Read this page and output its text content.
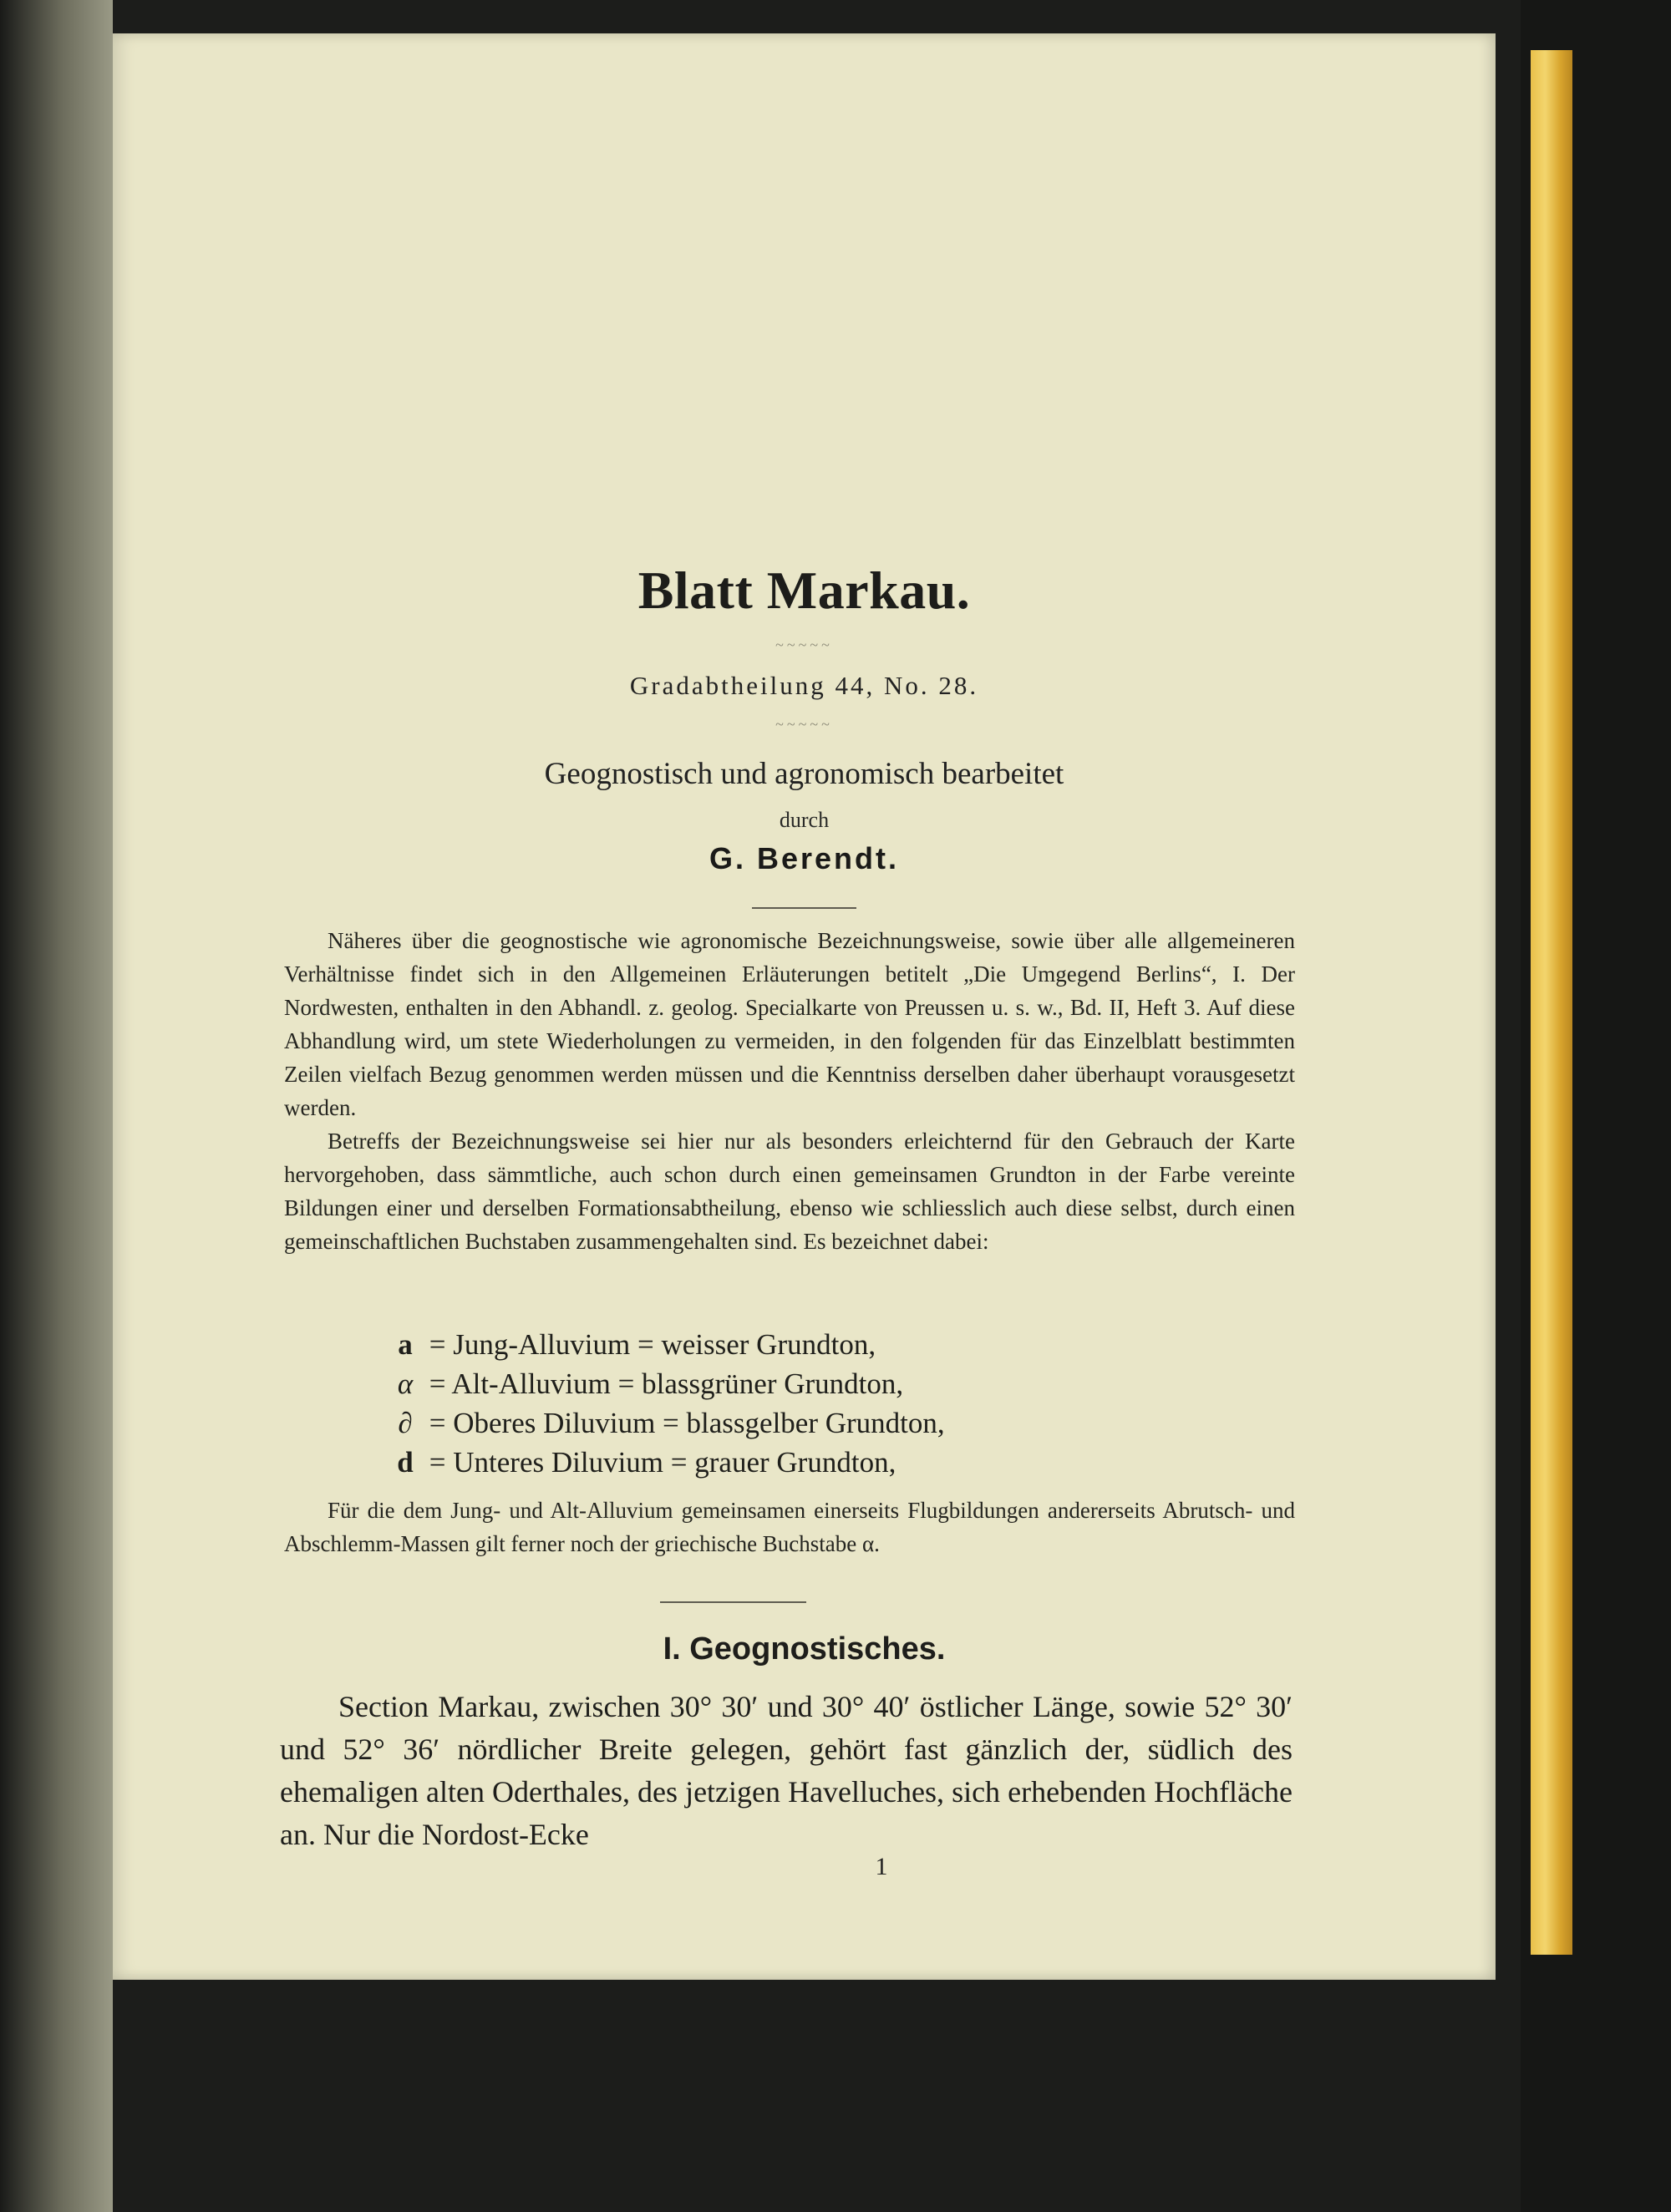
Blatt Markau.
~~~~~
Gradabtheilung 44, No. 28.
~~~~~
Geognostisch und agronomisch bearbeitet
durch
G. Berendt.

Näheres über die geognostische wie agronomische Bezeichnungsweise, sowie über alle allgemeineren Verhältnisse findet sich in den Allgemeinen Erläuterungen betitelt „Die Umgegend Berlins“, I. Der Nordwesten, enthalten in den Abhandl. z. geolog. Specialkarte von Preussen u. s. w., Bd. II, Heft 3. Auf diese Abhandlung wird, um stete Wiederholungen zu vermeiden, in den folgenden für das Einzelblatt bestimmten Zeilen vielfach Bezug genommen werden müssen und die Kenntniss derselben daher überhaupt vorausgesetzt werden.

Betreffs der Bezeichnungsweise sei hier nur als besonders erleichternd für den Gebrauch der Karte hervorgehoben, dass sämmtliche, auch schon durch einen gemeinsamen Grundton in der Farbe vereinte Bildungen einer und derselben Formationsabtheilung, ebenso wie schliesslich auch diese selbst, durch einen gemeinschaftlichen Buchstaben zusammengehalten sind. Es bezeichnet dabei:

a = Jung-Alluvium = weisser Grundton,
α = Alt-Alluvium = blassgrüner Grundton,
∂ = Oberes Diluvium = blassgelber Grundton,
d = Unteres Diluvium = grauer Grundton,

Für die dem Jung- und Alt-Alluvium gemeinsamen einerseits Flugbildungen andererseits Abrutsch- und Abschlemm-Massen gilt ferner noch der griechische Buchstabe α.

I. Geognostisches.

Section Markau, zwischen 30° 30′ und 30° 40′ östlicher Länge, sowie 52° 30′ und 52° 36′ nördlicher Breite gelegen, gehört fast gänzlich der, südlich des ehemaligen alten Oderthales, des jetzigen Havelluches, sich erhebenden Hochfläche an. Nur die Nordost-Ecke

1
